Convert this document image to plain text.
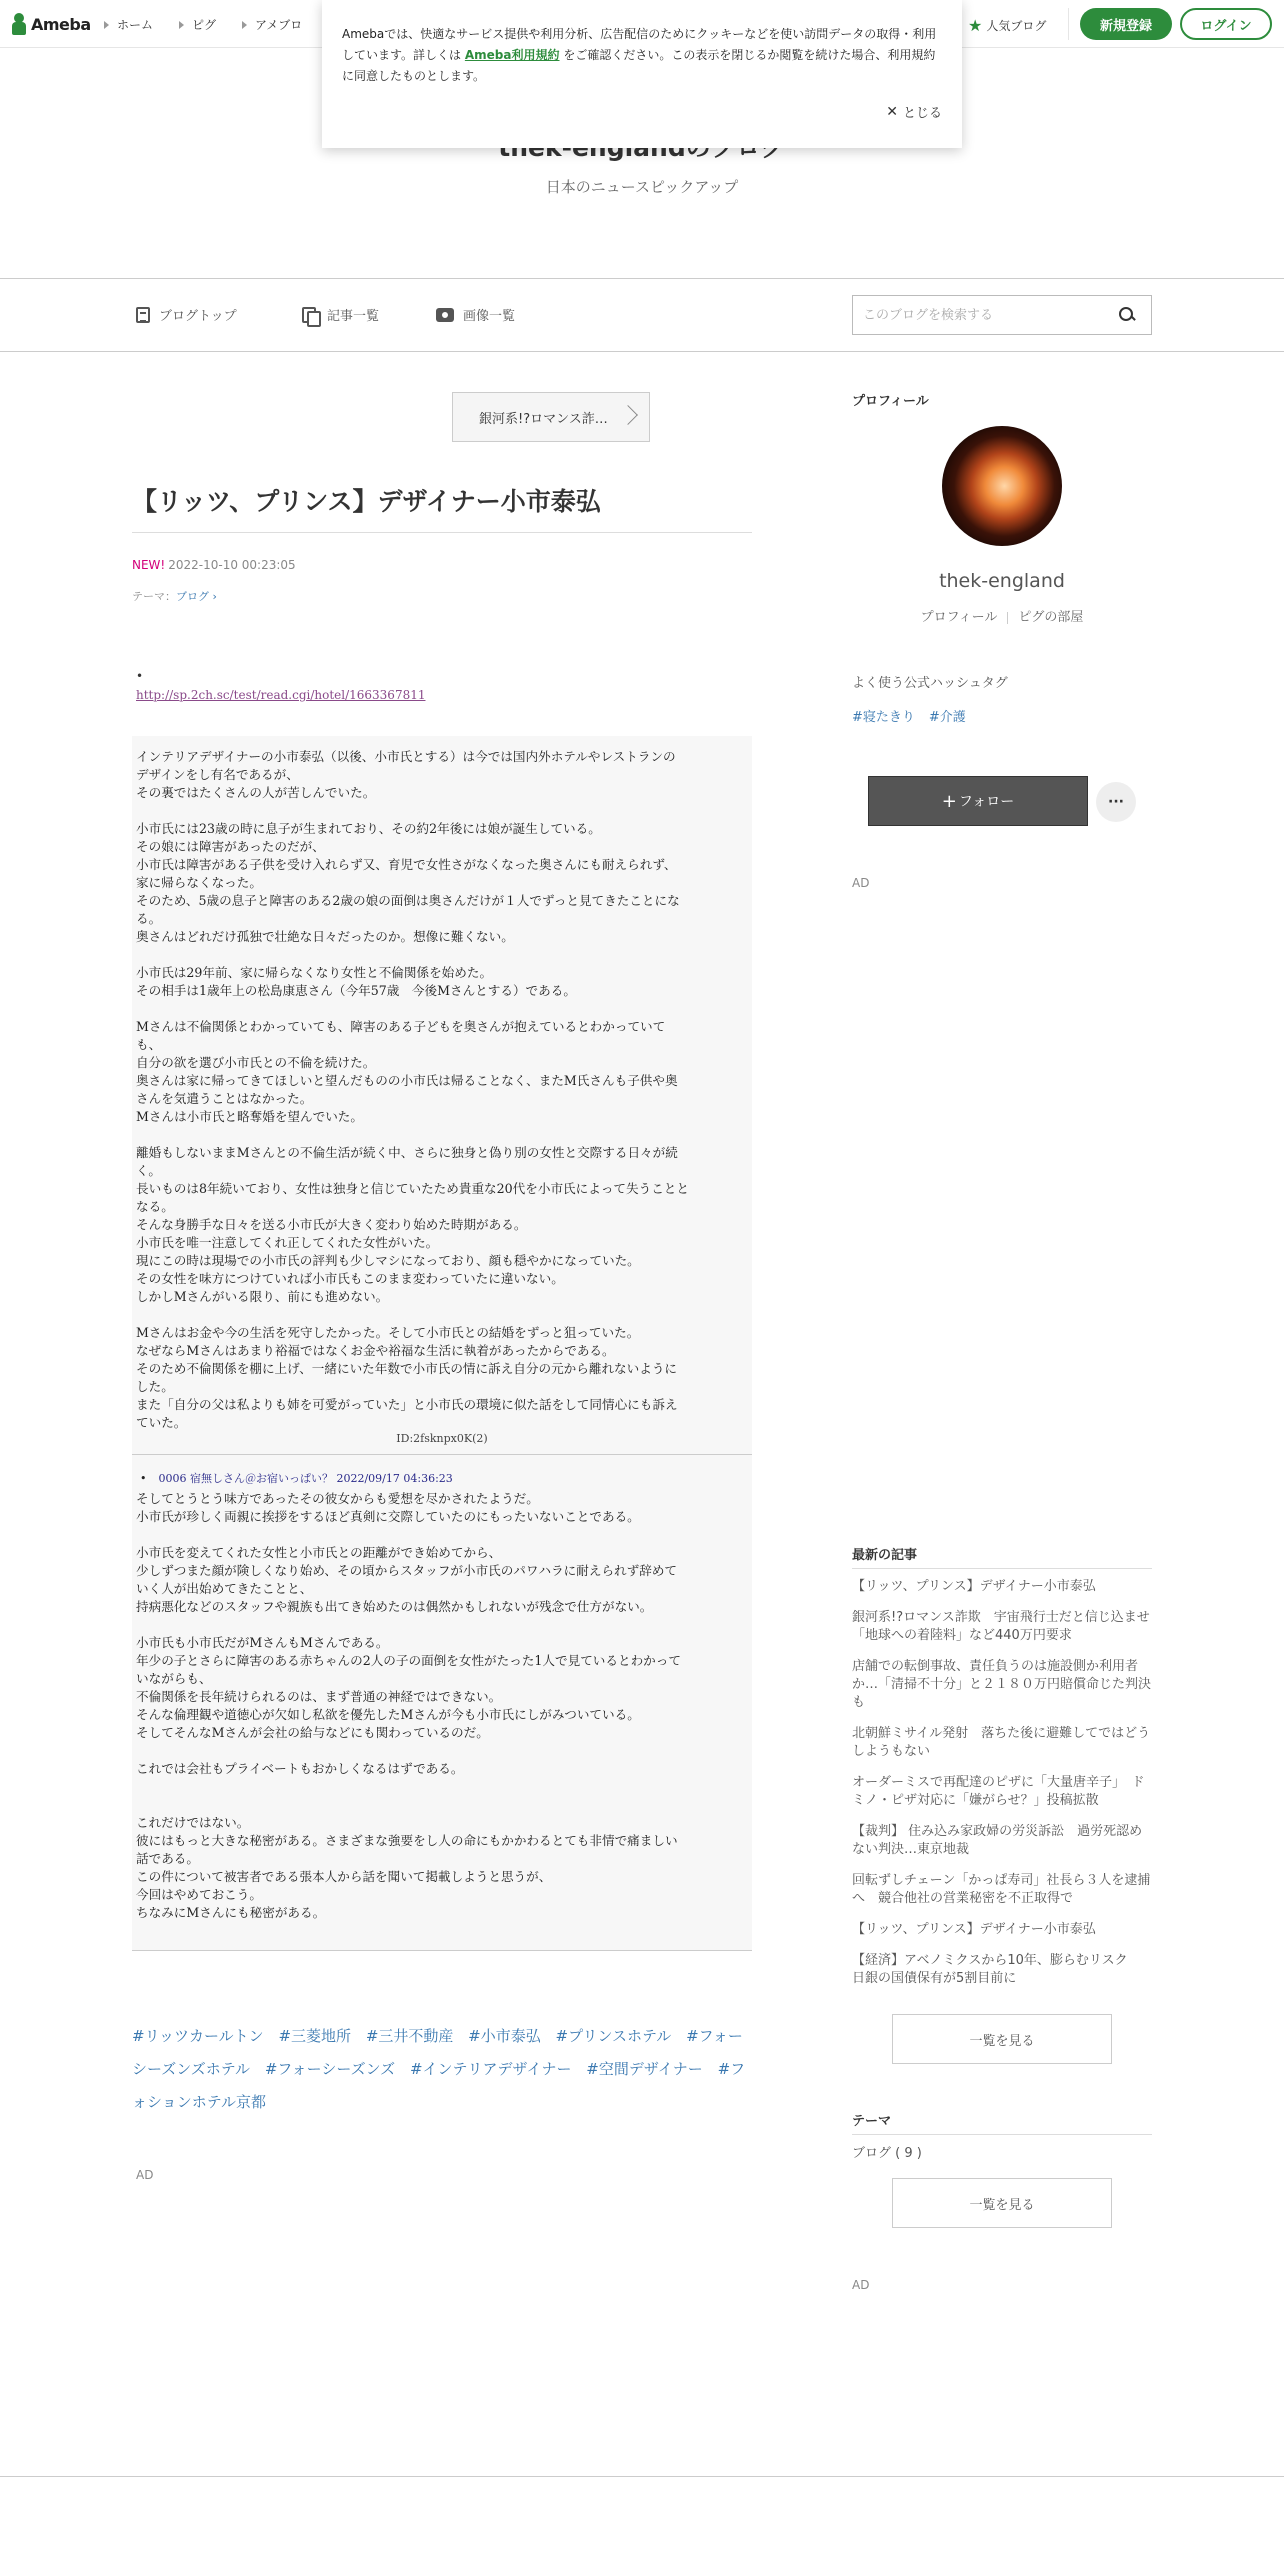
Ameba ホーム	ピグ	アメブロ	★ 人気ブログ	新規登録	ログイン
日本のニュースピックアップ

Amebaでは、快適なサービス提供や利用分析、広告配信のためにクッキーなどを使い訪問データの取得・利用しています。詳しくは Ameba利用規約 をご確認ください。この表示を閉じるか閲覧を続けた場合、利用規約に同意したものとします。

✕ とじる
ブログトップ	記事一覧	画像一覧
このブログを検索する
銀河系!?ロマンス詐…
【リッツ、プリンス】デザイナー小市泰弘
NEW! 2022-10-10 00:23:05
テーマ：ブログ ›
•
http://sp.2ch.sc/test/read.cgi/hotel/1663367811
インテリアデザイナーの小市泰弘（以後、小市氏とする）は今では国内外ホテルやレストランの
デザインをし有名であるが、
その裏ではたくさんの人が苦しんでいた。

小市氏には23歳の時に息子が生まれており、その約2年後には娘が誕生している。
その娘には障害があったのだが、
小市氏は障害がある子供を受け入れらず又、育児で女性さがなくなった奥さんにも耐えられず、
家に帰らなくなった。
そのため、5歳の息子と障害のある2歳の娘の面倒は奥さんだけが１人でずっと見てきたことにな
る。
奥さんはどれだけ孤独で壮絶な日々だったのか。想像に難くない。

小市氏は29年前、家に帰らなくなり女性と不倫関係を始めた。
その相手は1歳年上の松島康恵さん（今年57歳　今後Mさんとする）である。

Mさんは不倫関係とわかっていても、障害のある子どもを奥さんが抱えているとわかっていて
も、
自分の欲を選び小市氏との不倫を続けた。
奥さんは家に帰ってきてほしいと望んだものの小市氏は帰ることなく、またM氏さんも子供や奥
さんを気遣うことはなかった。
Mさんは小市氏と略奪婚を望んでいた。

離婚もしないままMさんとの不倫生活が続く中、さらに独身と偽り別の女性と交際する日々が続
く。
長いものは8年続いており、女性は独身と信じていたため貴重な20代を小市氏によって失うことと
なる。
そんな身勝手な日々を送る小市氏が大きく変わり始めた時期がある。
小市氏を唯一注意してくれ正してくれた女性がいた。
現にこの時は現場での小市氏の評判も少しマシになっており、顔も穏やかになっていた。
その女性を味方につけていれば小市氏もこのまま変わっていたに違いない。
しかしMさんがいる限り、前にも進めない。

Mさんはお金や今の生活を死守したかった。そして小市氏との結婚をずっと狙っていた。
なぜならMさんはあまり裕福ではなくお金や裕福な生活に執着があったからである。
そのため不倫関係を棚に上げ、一緒にいた年数で小市氏の情に訴え自分の元から離れないように
した。
また「自分の父は私よりも姉を可愛がっていた」と小市氏の環境に似た話をして同情心にも訴え
ていた。
ID:2fsknpx0K(2)
そしてとうとう味方であったその彼女からも愛想を尽かされたようだ。
小市氏が珍しく両親に挨拶をするほど真剣に交際していたのにもったいないことである。

小市氏を変えてくれた女性と小市氏との距離ができ始めてから、
少しずつまた顔が険しくなり始め、その頃からスタッフが小市氏のパワハラに耐えられず辞めて
いく人が出始めてきたことと、
持病悪化などのスタッフや親族も出てき始めたのは偶然かもしれないが残念で仕方がない。

小市氏も小市氏だがMさんもMさんである。
年少の子とさらに障害のある赤ちゃんの2人の子の面倒を女性がたった1人で見ているとわかって
いながらも、
不倫関係を長年続けられるのは、まず普通の神経ではできない。
そんな倫理観や道徳心が欠如し私欲を優先したMさんが今も小市氏にしがみついている。
そしてそんなMさんが会社の給与などにも関わっているのだ。

これでは会社もプライベートもおかしくなるはずである。

これだけではない。
彼にはもっと大きな秘密がある。さまざまな強要をし人の命にもかかわるとても非情で痛ましい
話である。
この件について被害者である張本人から話を聞いて掲載しようと思うが、
今回はやめておこう。
ちなみにMさんにも秘密がある。
• 0006 宿無しさん＠お宿いっぱい？ 2022/09/17 04:36:23
#リッツカールトン #三菱地所 #三井不動産 #小市泰弘 #プリンスホテル #フォーシーズンズホテル #フォーシーズンズ #インテリアデザイナー #空間デザイナー #フォションホテル京都
AD
プロフィール
thek-england
プロフィール ピグの部屋
よく使う公式ハッシュタグ
#寝たきり #介護
+ フォロー	···
AD
最新の記事
【リッツ、プリンス】デザイナー小市泰弘
銀河系!?ロマンス詐欺　宇宙飛行士だと信じ込ませ「地球への着陸料」など440万円要求
店舗での転倒事故、責任負うのは施設側か利用者か…「清掃不十分」と２１８０万円賠償命じた判決も
北朝鮮ミサイル発射　落ちた後に避難してではどうしようもない
オーダーミスで再配達のピザに「大量唐辛子」　ドミノ・ピザ対応に「嫌がらせ？」投稿拡散
【裁判】 住み込み家政婦の労災訴訟　過労死認めない判決…東京地裁
回転ずしチェーン「かっぱ寿司」社長ら３人を逮捕へ　競合他社の営業秘密を不正取得で
【リッツ、プリンス】デザイナー小市泰弘
【経済】アベノミクスから10年、膨らむリスク　日銀の国債保有が5割目前に
一覧を見る
テーマ
ブログ ( 9 )
一覧を見る
AD
